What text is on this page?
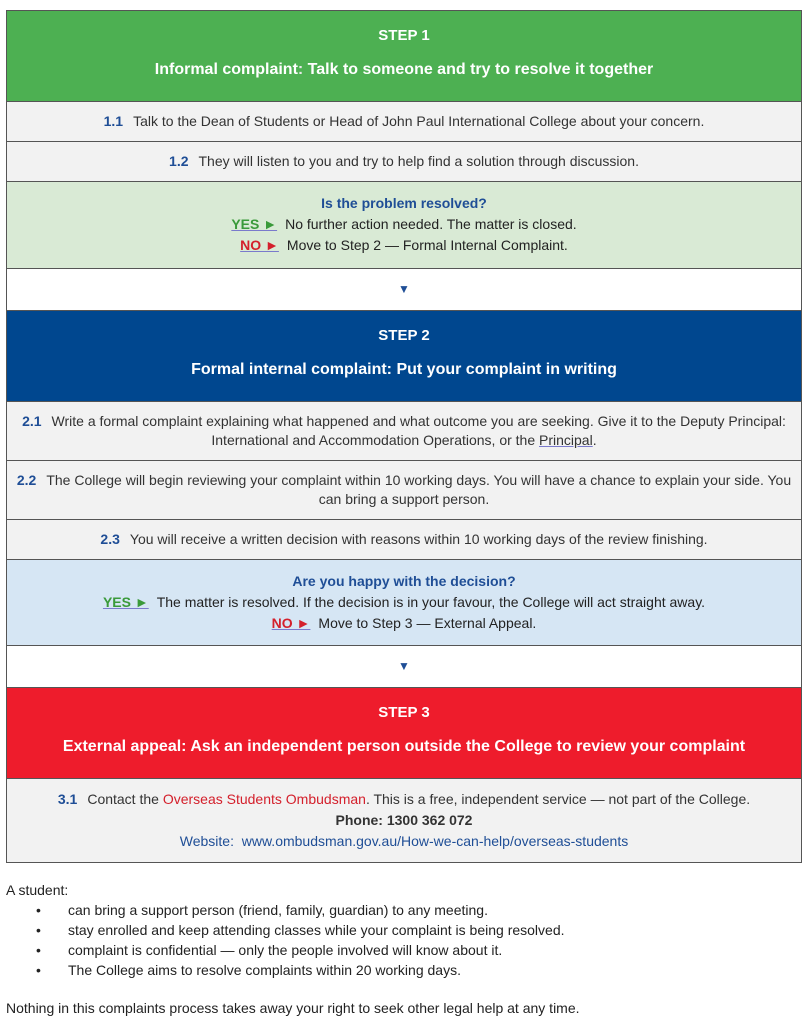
STEP 1
Informal complaint: Talk to someone and try to resolve it together
1.1 Talk to the Dean of Students or Head of John Paul International College about your concern.
1.2 They will listen to you and try to help find a solution through discussion.
Is the problem resolved?
YES ► No further action needed. The matter is closed.
NO ► Move to Step 2 — Formal Internal Complaint.
▼
STEP 2
Formal internal complaint: Put your complaint in writing
2.1 Write a formal complaint explaining what happened and what outcome you are seeking. Give it to the Deputy Principal: International and Accommodation Operations, or the Principal.
2.2 The College will begin reviewing your complaint within 10 working days. You will have a chance to explain your side. You can bring a support person.
2.3 You will receive a written decision with reasons within 10 working days of the review finishing.
Are you happy with the decision?
YES ► The matter is resolved. If the decision is in your favour, the College will act straight away.
NO ► Move to Step 3 — External Appeal.
▼
STEP 3
External appeal: Ask an independent person outside the College to review your complaint
3.1 Contact the Overseas Students Ombudsman. This is a free, independent service — not part of the College.
Phone: 1300 362 072
Website: www.ombudsman.gov.au/How-we-can-help/overseas-students
A student:
• can bring a support person (friend, family, guardian) to any meeting.
• stay enrolled and keep attending classes while your complaint is being resolved.
• complaint is confidential — only the people involved will know about it.
• The College aims to resolve complaints within 20 working days.
Nothing in this complaints process takes away your right to seek other legal help at any time.
